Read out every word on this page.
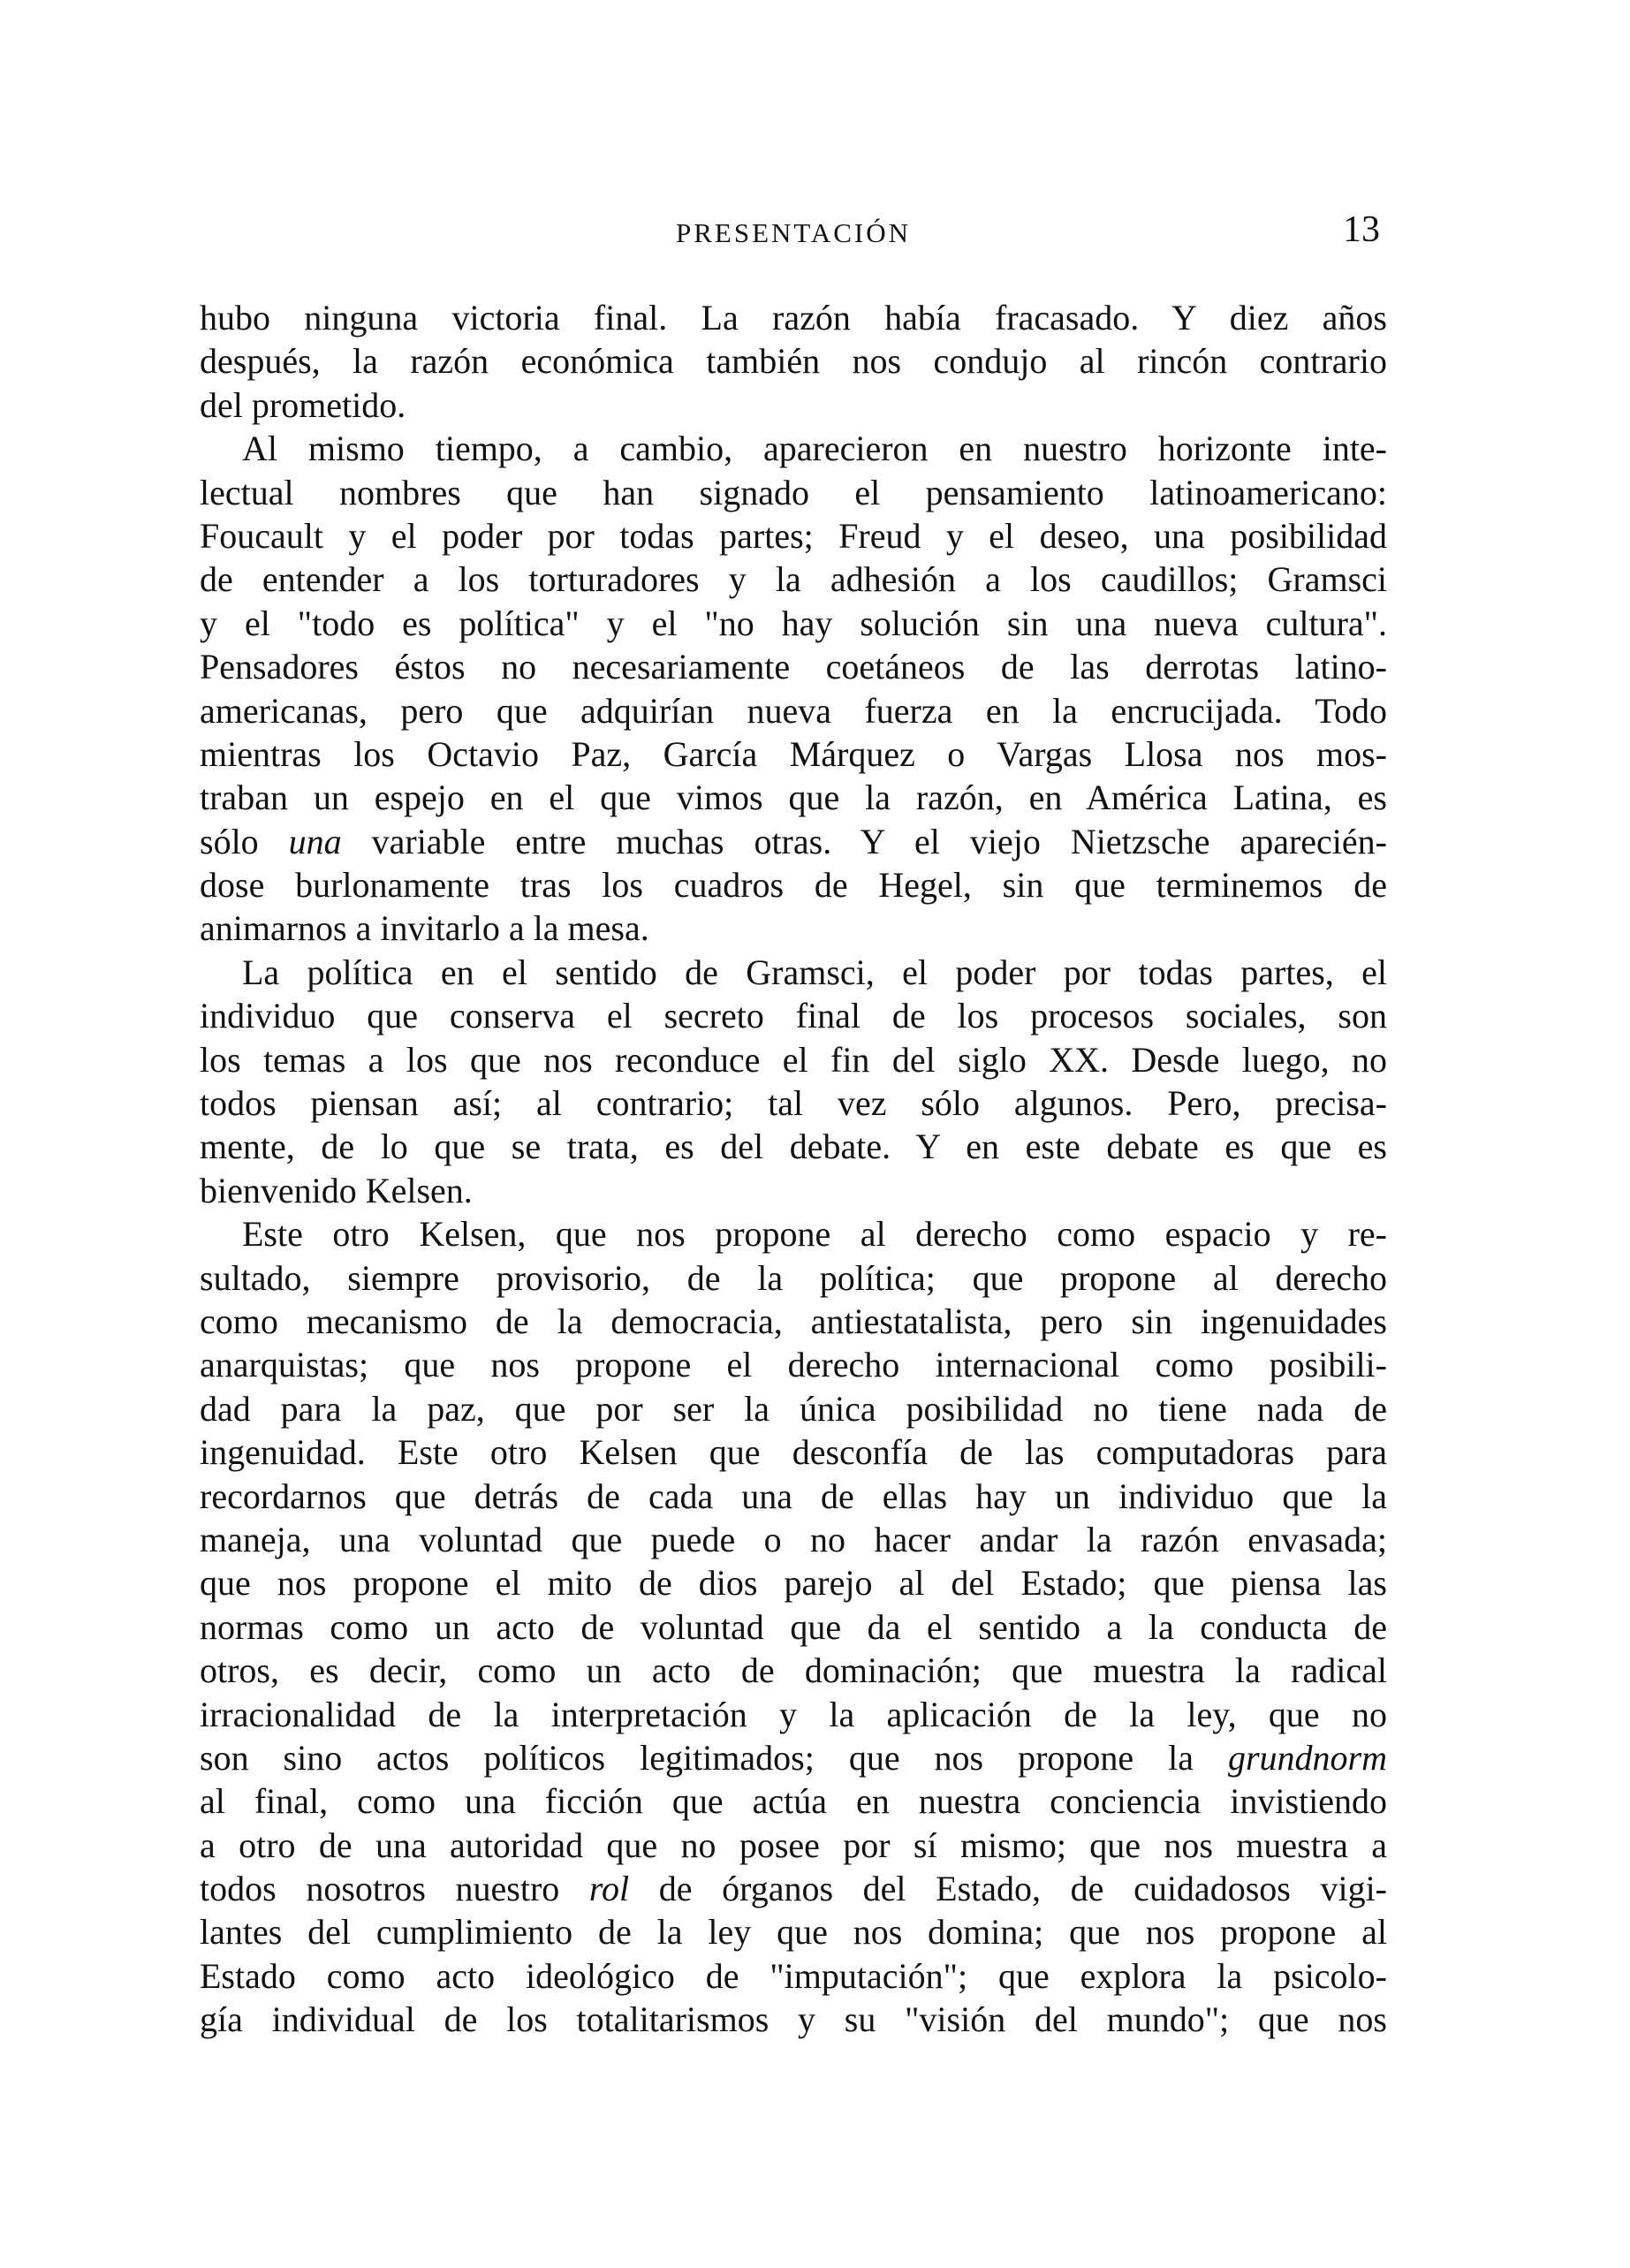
PRESENTACIÓN	13
hubo ninguna victoria final. La razón había fracasado. Y diez años
después, la razón económica también nos condujo al rincón contrario
del prometido.
Al mismo tiempo, a cambio, aparecieron en nuestro horizonte inte-
lectual nombres que han signado el pensamiento latinoamericano:
Foucault y el poder por todas partes; Freud y el deseo, una posibilidad
de entender a los torturadores y la adhesión a los caudillos; Gramsci
y el "todo es política" y el "no hay solución sin una nueva cultura".
Pensadores éstos no necesariamente coetáneos de las derrotas latino-
americanas, pero que adquirían nueva fuerza en la encrucijada. Todo
mientras los Octavio Paz, García Márquez o Vargas Llosa nos mos-
traban un espejo en el que vimos que la razón, en América Latina, es
sólo una variable entre muchas otras. Y el viejo Nietzsche aparecién-
dose burlonamente tras los cuadros de Hegel, sin que terminemos de
animarnos a invitarlo a la mesa.
La política en el sentido de Gramsci, el poder por todas partes, el
individuo que conserva el secreto final de los procesos sociales, son
los temas a los que nos reconduce el fin del siglo XX. Desde luego, no
todos piensan así; al contrario; tal vez sólo algunos. Pero, precisa-
mente, de lo que se trata, es del debate. Y en este debate es que es
bienvenido Kelsen.
Este otro Kelsen, que nos propone al derecho como espacio y re-
sultado, siempre provisorio, de la política; que propone al derecho
como mecanismo de la democracia, antiestatalista, pero sin ingenuidades
anarquistas; que nos propone el derecho internacional como posibili-
dad para la paz, que por ser la única posibilidad no tiene nada de
ingenuidad. Este otro Kelsen que desconfía de las computadoras para
recordarnos que detrás de cada una de ellas hay un individuo que la
maneja, una voluntad que puede o no hacer andar la razón envasada;
que nos propone el mito de dios parejo al del Estado; que piensa las
normas como un acto de voluntad que da el sentido a la conducta de
otros, es decir, como un acto de dominación; que muestra la radical
irracionalidad de la interpretación y la aplicación de la ley, que no
son sino actos políticos legitimados; que nos propone la grundnorm
al final, como una ficción que actúa en nuestra conciencia invistiendo
a otro de una autoridad que no posee por sí mismo; que nos muestra a
todos nosotros nuestro rol de órganos del Estado, de cuidadosos vigi-
lantes del cumplimiento de la ley que nos domina; que nos propone al
Estado como acto ideológico de "imputación"; que explora la psicolo-
gía individual de los totalitarismos y su "visión del mundo"; que nos
